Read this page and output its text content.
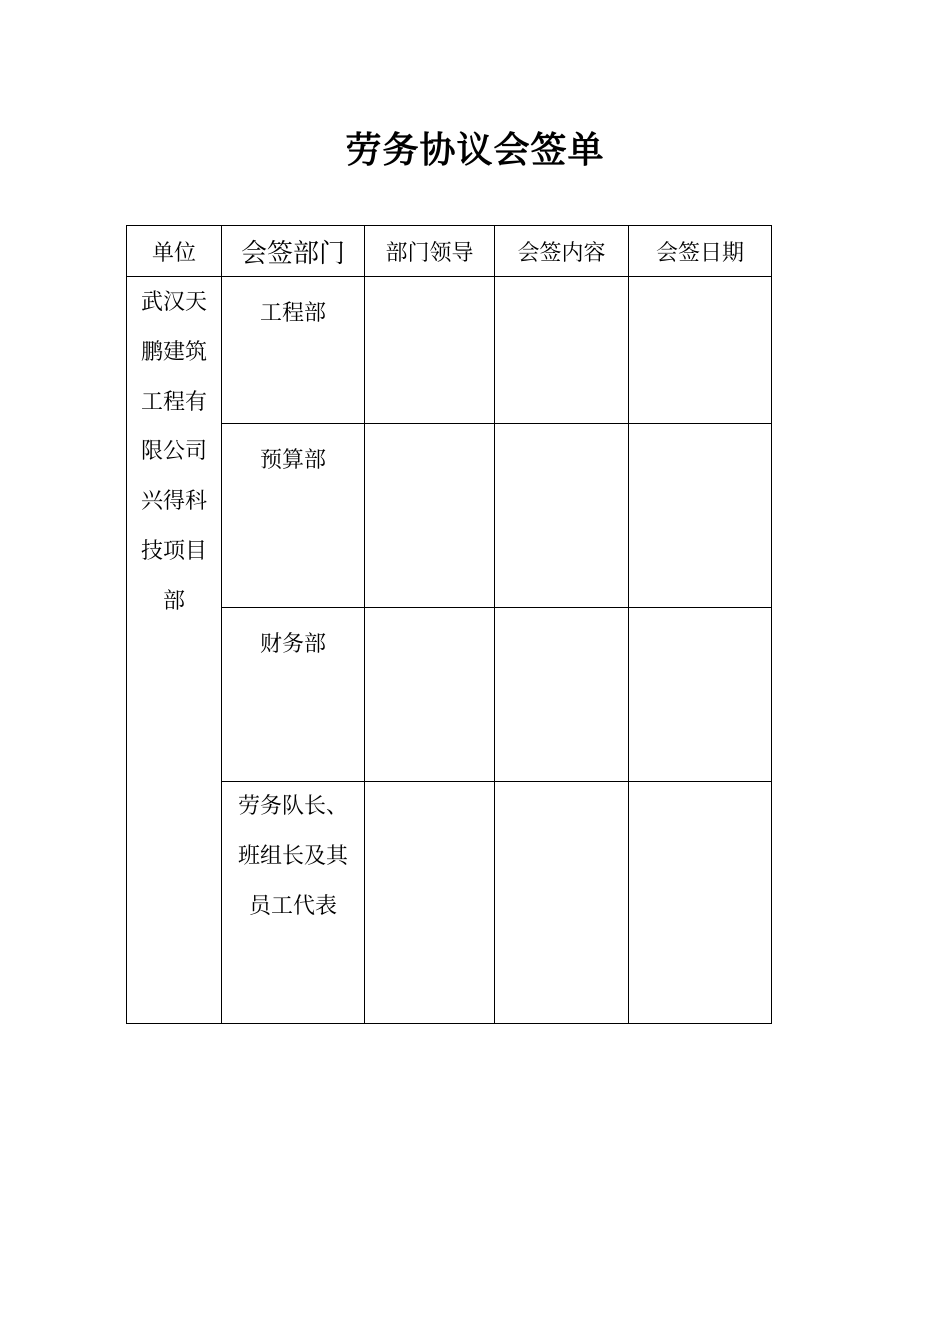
劳务协议会签单
单位	会签部门	部门领导	会签内容	会签日期

武汉天鹏建筑工程有限公司兴得科技项目部	工程部			

	预算部			

	财务部			

	劳务队长、班组长及其员工代表			
